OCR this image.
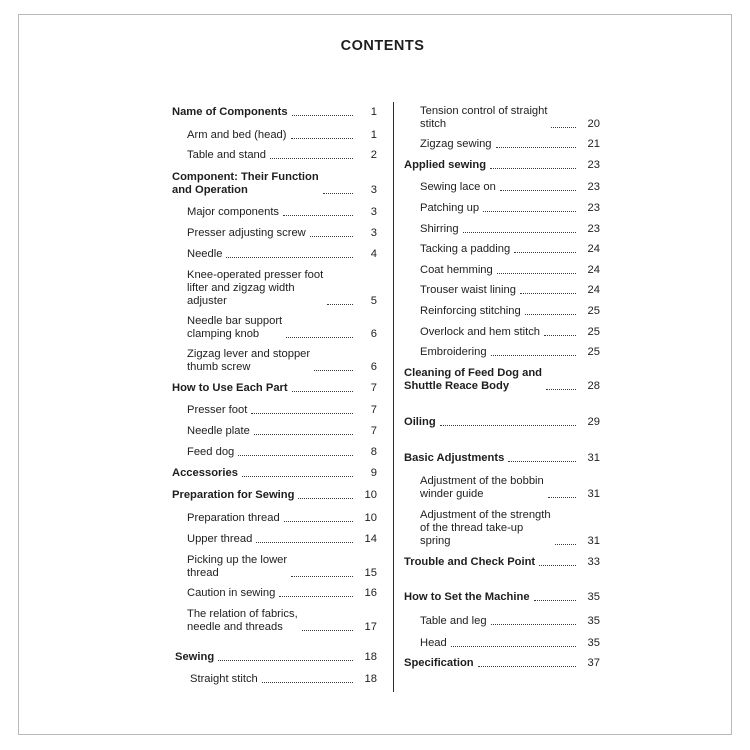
CONTENTS
Name of Components	1
Arm and bed (head)	1
Table and stand	2
Component: Their Function
and Operation	3
Major components	3
Presser adjusting screw	3
Needle	4
Knee-operated presser foot
lifter and zigzag width
adjuster	5
Needle bar support
clamping knob	6
Zigzag lever and stopper
thumb screw	6
How to Use Each Part	7
Presser foot	7
Needle plate	7
Feed dog	8
Accessories	9
Preparation for Sewing	10
Preparation thread	10
Upper thread	14
Picking up the lower
thread	15
Caution in sewing	16
The relation of fabrics,
needle and threads	17
Sewing	18
Straight stitch	18
Tension control of straight
stitch	20
Zigzag sewing	21
Applied sewing	23
Sewing lace on	23
Patching up	23
Shirring	23
Tacking a padding	24
Coat hemming	24
Trouser waist lining	24
Reinforcing stitching	25
Overlock and hem stitch	25
Embroidering	25
Cleaning of Feed Dog and
Shuttle Reace Body	28
Oiling	29
Basic Adjustments	31
Adjustment of the bobbin
winder guide	31
Adjustment of the strength
of the thread take-up
spring	31
Trouble and Check Point	33
How to Set the Machine	35
Table and leg	35
Head	35
Specification	37
